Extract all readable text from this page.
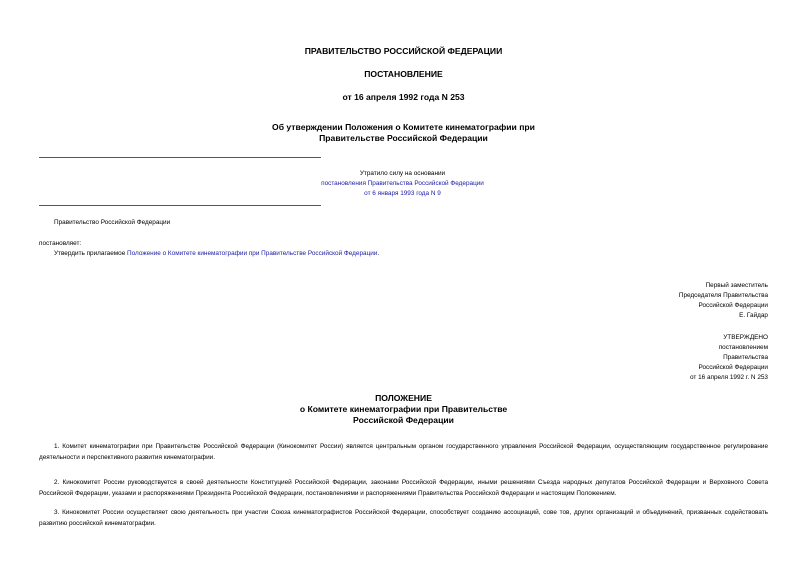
ПРАВИТЕЛЬСТВО РОССИЙСКОЙ ФЕДЕРАЦИИ
ПОСТАНОВЛЕНИЕ
от 16 апреля 1992 года N 253
Об утверждении Положения о Комитете кинематографии при
Правительстве Российской Федерации
Утратило силу на основании
постановления Правительства Российской Федерации
от 6 января 1993 года N 9
Правительство Российской Федерации
постановляет:
Утвердить прилагаемое Положение о Комитете кинематографии при Правительстве Российской Федерации.
Первый заместитель
Председателя Правительства
Российской Федерации
Е. Гайдар
УТВЕРЖДЕНО
постановлением
Правительства
Российской Федерации
от 16 апреля 1992 г. N 253
ПОЛОЖЕНИЕ
о Комитете кинематографии при Правительстве
Российской Федерации
1. Комитет кинематографии при Правительстве Российской Федерации (Кинокомитет России) является центральным органом государственного управления Российской Федерации, осуществляющим государственное регулирование деятельности и перспективного развития кинематографии.
2. Кинокомитет России руководствуется в своей деятельности Конституцией Российской Федерации, законами Российской Федерации, иными решениями Съезда народных депутатов Российской Федерации и Верховного Совета Российской Федерации, указами и распоряжениями Президента Российской Федерации, постановлениями и распоряжениями Правительства Российской Федерации и настоящим Положением.
3. Кинокомитет России осуществляет свою деятельность при участии Союза кинематографистов Российской Федерации, способствует созданию ассоциаций, сове тов, других организаций и объединений, призванных содействовать развитию российской кинематографии.
